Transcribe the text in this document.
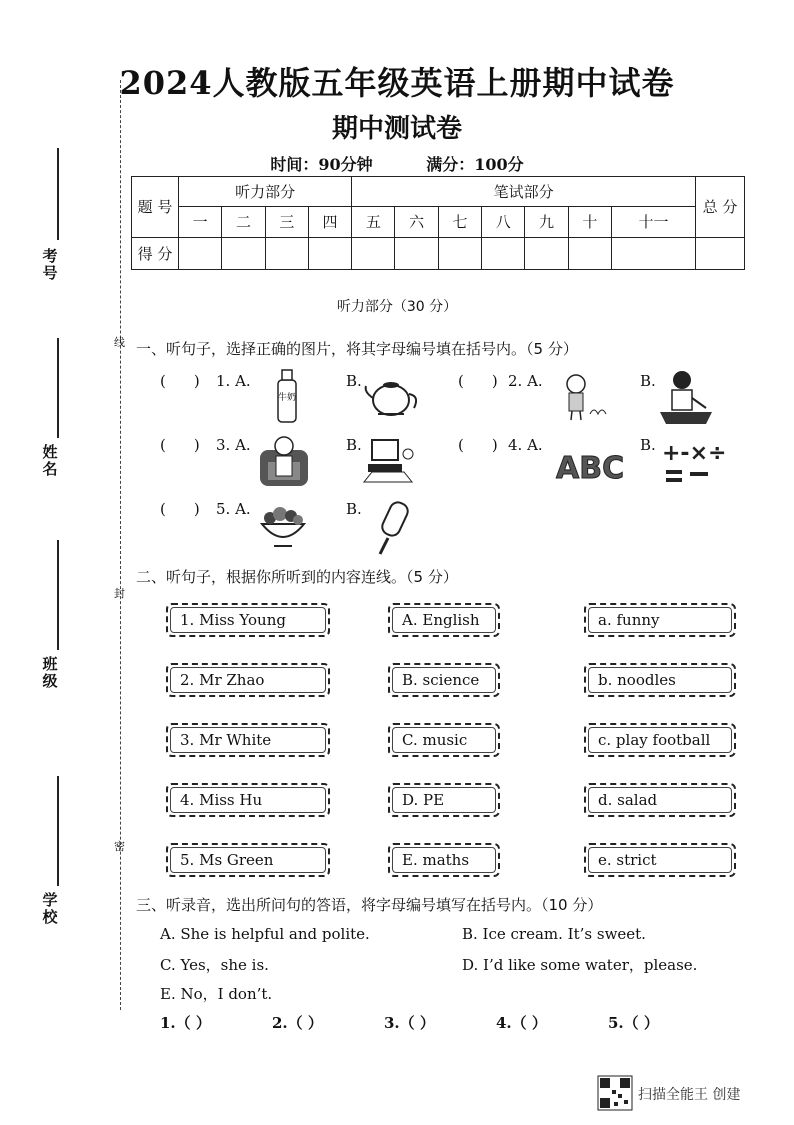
2024人教版五年级英语上册期中试卷
期中测试卷
时间：90分钟	满分：100分
题 号	听力部分				笔试部分							总 分
	一	二	三	四	五	六	七	八	九	十	十一	
得 分												
线
封
密
考号
姓名
班级
学校
听力部分（30 分）
一、听句子，选择正确的图片，将其字母编号填在括号内。（5 分）
( ) 1. A.
牛奶
B.	( ) 2. A.	B.
( ) 3. A.	B.	( ) 4. A.
ABC
B. +-×÷
( ) 5. A.	B.
二、听句子，根据你所听到的内容连线。（5 分）
1. Miss Young
2. Mr Zhao
3. Mr White
4. Miss Hu
5. Ms Green
A. English
B. science
C. music
D. PE
E. maths
a. funny
b. noodles
c. play football
d. salad
e. strict
三、听录音，选出所问句的答语，将字母编号填写在括号内。（10 分）
A. She is helpful and polite.	B. Ice cream. It’s sweet.
C. Yes，she is.	D. I’d like some water，please.
E. No，I don’t.
1.（ ）	2.（ ）	3.（ ）	4.（ ）	5.（ ）
扫描全能王 创建
